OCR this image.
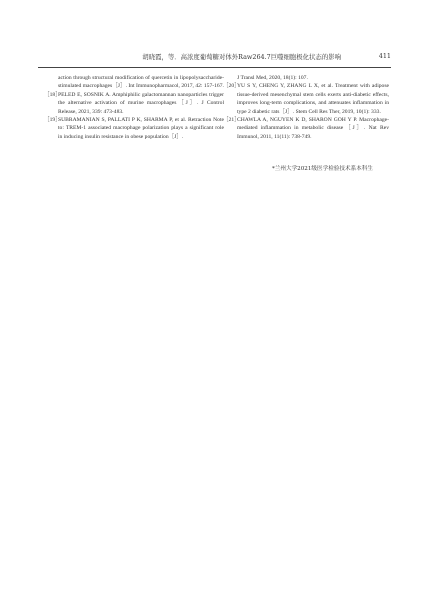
胡晓霞，等．高浓度葡萄糖对体外Raw264.7巨噬细胞极化状态的影响	411
action through structural modification of quercetin in lipopolysaccharide-stimulated macrophages［J］. Int Immunopharmacol, 2017, 42: 157-167.
［18］
PELED E, SOSNIK A. Amphiphilic galactomannan nanoparticles trigger the alternative activation of murine macrophages［J］. J Control Release, 2021, 339: 473-483.
［19］
SUBRAMANIAN S, PALLATI P K, SHARMA P, et al. Retraction Note to: TREM-1 associated macrophage polarization plays a significant role in inducing insulin resistance in obese population［J］.
J Transl Med, 2020, 18(1): 107.
［20］
YU S Y, CHENG Y, ZHANG L X, et al. Treatment with adipose tissue-derived mesenchymal stem cells exerts anti-diabetic effects, improves long-term complications, and attenuates inflammation in type 2 diabetic rats［J］. Stem Cell Res Ther, 2019, 10(1): 333.
［21］
CHAWLA A, NGUYEN K D, SHARON GOH Y P. Macrophage-mediated inflammation in metabolic disease［J］. Nat Rev Immunol, 2011, 11(11): 738-749.
*兰州大学2021级医学检验技术系本科生
